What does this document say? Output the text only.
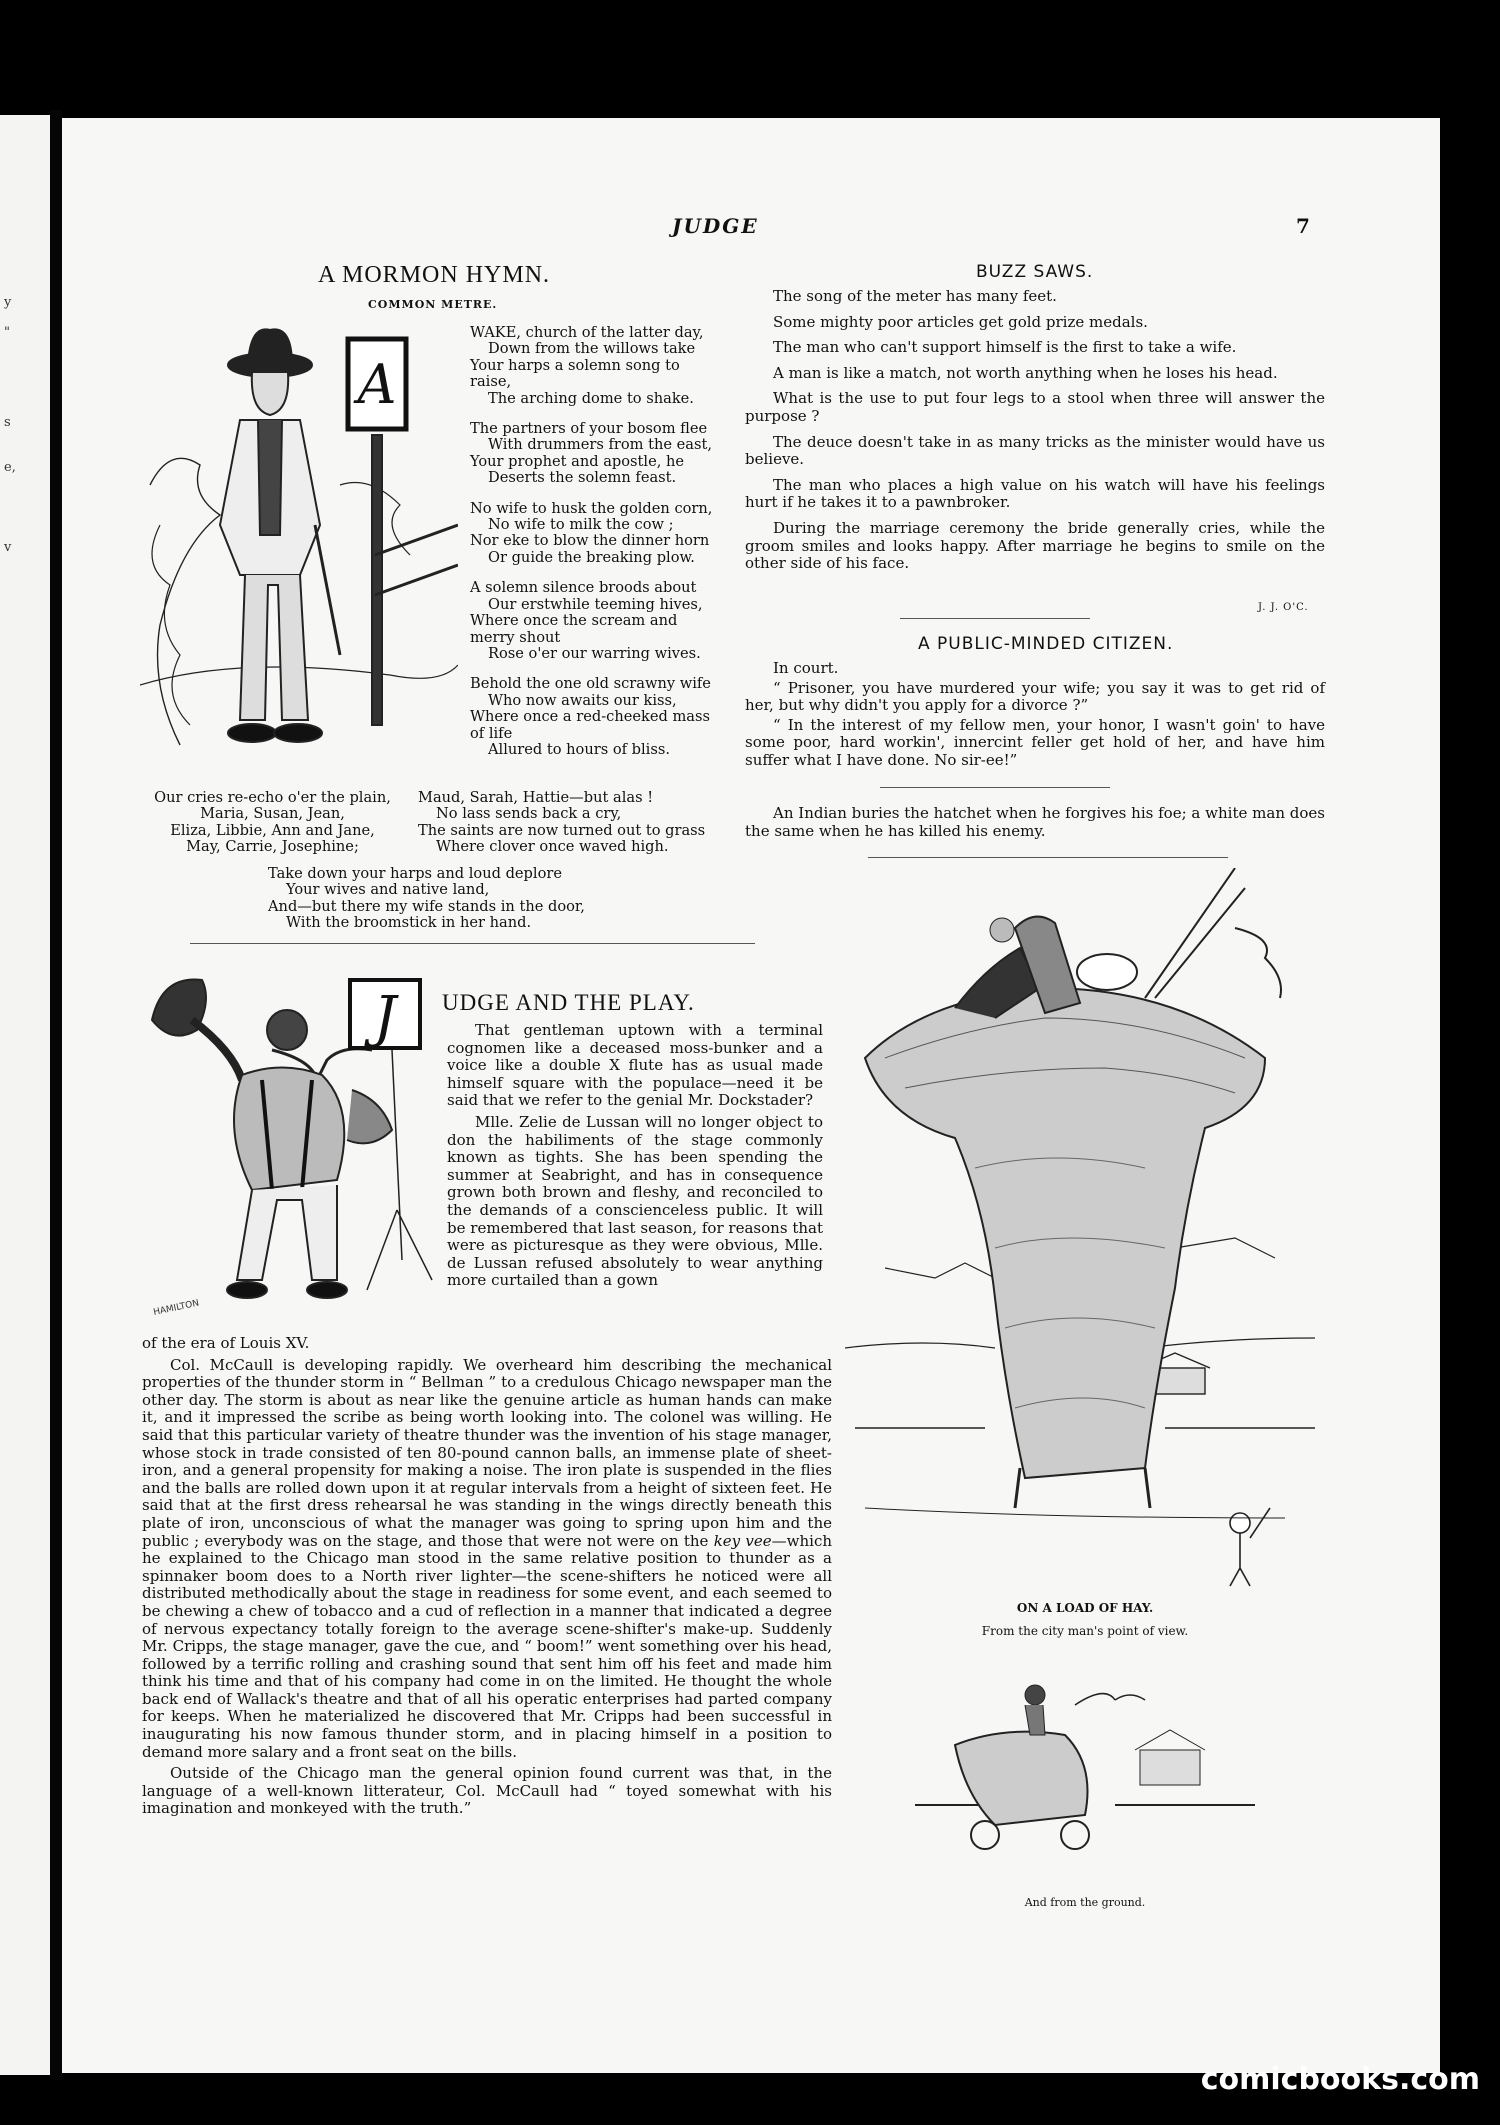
y
"
s
e,
v
JUDGE	7
A MORMON HYMN.
COMMON METRE.
A

WAKE, church of the latter day,

Down from the willows take
Your harps a solemn song to raise,

The arching dome to shake.

The partners of your bosom flee

With drummers from the east,
Your prophet and apostle, he

Deserts the solemn feast.

No wife to husk the golden corn,

No wife to milk the cow ;
Nor eke to blow the dinner horn

Or guide the breaking plow.

A solemn silence broods about

Our erstwhile teeming hives,
Where once the scream and merry shout

Rose o'er our warring wives.

Behold the one old scrawny wife

Who now awaits our kiss,
Where once a red-cheeked mass of life

Allured to hours of bliss.

Our cries re-echo o'er the plain,
Maria, Susan, Jean,
Eliza, Libbie, Ann and Jane,
May, Carrie, Josephine;
Maud, Sarah, Hattie—but alas !
No lass sends back a cry,
The saints are now turned out to grass
Where clover once waved high.
Take down your harps and loud deplore
Your wives and native land,
And—but there my wife stands in the door,
With the broomstick in her hand.
BUZZ SAWS.

The song of the meter has many feet.

Some mighty poor articles get gold prize medals.

The man who can't support himself is the first to take a wife.

A man is like a match, not worth anything when he loses his head.

What is the use to put four legs to a stool when three will answer the purpose ?

The deuce doesn't take in as many tricks as the minister would have us believe.

The man who places a high value on his watch will have his feelings hurt if he takes it to a pawnbroker.

During the marriage ceremony the bride generally cries, while the groom smiles and looks happy. After marriage he begins to smile on the other side of his face.

J. J. O'C.
A PUBLIC-MINDED CITIZEN.

In court.

“ Prisoner, you have murdered your wife; you say it was to get rid of her, but why didn't you apply for a divorce ?”

“ In the interest of my fellow men, your honor, I wasn't goin' to have some poor, hard workin', innercint feller get hold of her, and have him suffer what I have done. No sir-ee!”

An Indian buries the hatchet when he forgives his foe; a white man does the same when he has killed his enemy.

J
HAMILTON
UDGE AND THE PLAY.

That gentleman uptown with a terminal cognomen like a deceased moss-bunker and a voice like a double X flute has as usual made himself square with the populace—need it be said that we refer to the genial Mr. Dockstader?

Mlle. Zelie de Lussan will no longer object to don the habiliments of the stage commonly known as tights. She has been spending the summer at Seabright, and has in consequence grown both brown and fleshy, and reconciled to the demands of a conscienceless public. It will be remembered that last season, for reasons that were as picturesque as they were obvious, Mlle. de Lussan refused absolutely to wear anything more curtailed than a gown

of the era of Louis XV.

Col. McCaull is developing rapidly. We overheard him describing the mechanical properties of the thunder storm in “ Bellman ” to a credulous Chicago newspaper man the other day. The storm is about as near like the genuine article as human hands can make it, and it impressed the scribe as being worth looking into. The colonel was willing. He said that this particular variety of theatre thunder was the invention of his stage manager, whose stock in trade consisted of ten 80-pound cannon balls, an immense plate of sheet-iron, and a general propensity for making a noise. The iron plate is suspended in the flies and the balls are rolled down upon it at regular intervals from a height of sixteen feet. He said that at the first dress rehearsal he was standing in the wings directly beneath this plate of iron, unconscious of what the manager was going to spring upon him and the public ; everybody was on the stage, and those that were not were on the key vee—which he explained to the Chicago man stood in the same relative position to thunder as a spinnaker boom does to a North river lighter—the scene-shifters he noticed were all distributed methodically about the stage in readiness for some event, and each seemed to be chewing a chew of tobacco and a cud of reflection in a manner that indicated a degree of nervous expectancy totally foreign to the average scene-shifter's make-up. Suddenly Mr. Cripps, the stage manager, gave the cue, and “ boom!” went something over his head, followed by a terrific rolling and crashing sound that sent him off his feet and made him think his time and that of his company had come in on the limited. He thought the whole back end of Wallack's theatre and that of all his operatic enterprises had parted company for keeps. When he materialized he discovered that Mr. Cripps had been successful in inaugurating his now famous thunder storm, and in placing himself in a position to demand more salary and a front seat on the bills.

Outside of the Chicago man the general opinion found current was that, in the language of a well-known litterateur, Col. McCaull had “ toyed somewhat with his imagination and monkeyed with the truth.”

ON A LOAD OF HAY.
From the city man's point of view.
And from the ground.
comicbooks.com
